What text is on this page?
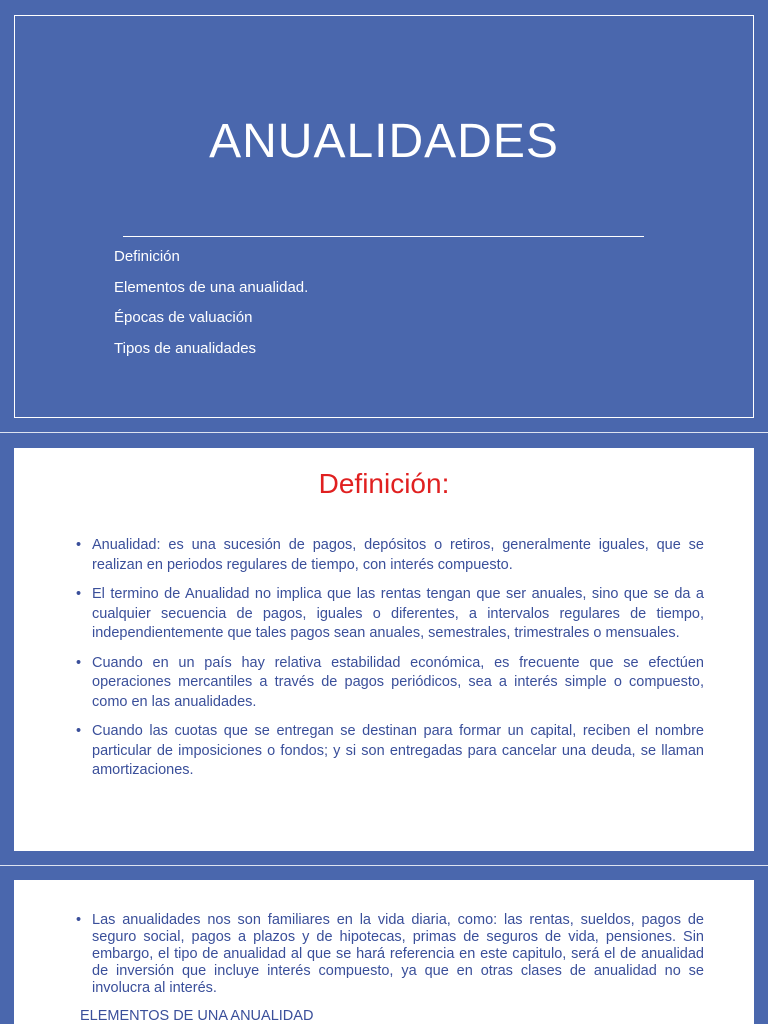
ANUALIDADES
Definición
Elementos de una anualidad.
Épocas de valuación
Tipos de anualidades
Definición:
• Anualidad: es una sucesión de pagos, depósitos o retiros, generalmente iguales, que se realizan en periodos regulares de tiempo, con interés compuesto.
• El termino de Anualidad no implica que las rentas tengan que ser anuales, sino que se da a cualquier secuencia de pagos, iguales o diferentes, a intervalos regulares de tiempo, independientemente que tales pagos sean anuales, semestrales, trimestrales o mensuales.
• Cuando en un país hay relativa estabilidad económica, es frecuente que se efectúen operaciones mercantiles a través de pagos periódicos, sea a interés simple o compuesto, como en las anualidades.
• Cuando las cuotas que se entregan se destinan para formar un capital, reciben el nombre particular de imposiciones o fondos; y si son entregadas para cancelar una deuda, se llaman amortizaciones.
• Las anualidades nos son familiares en la vida diaria, como: las rentas, sueldos, pagos de seguro social, pagos a plazos y de hipotecas, primas de seguros de vida, pensiones. Sin embargo, el tipo de anualidad al que se hará referencia en este capitulo, será el de anualidad de inversión que incluye interés compuesto, ya que en otras clases de anualidad no se involucra al interés.
ELEMENTOS DE UNA ANUALIDAD
